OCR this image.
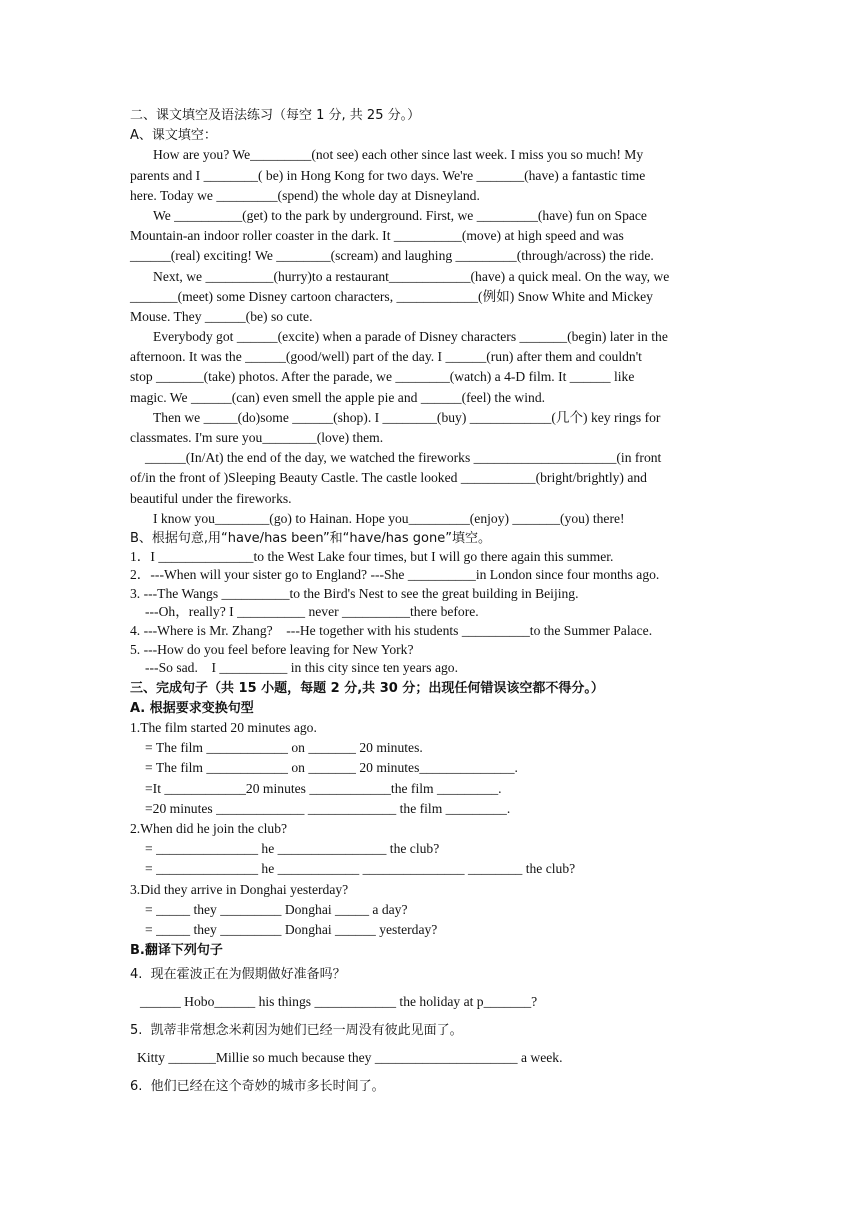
二、课文填空及语法练习（每空 1 分, 共 25 分。）
A、课文填空：
How are you? We_________(not see) each other since last week. I miss you so much! My
parents and I ________( be) in Hong Kong for two days. We're _______(have) a fantastic time
here. Today we _________(spend) the whole day at Disneyland.
We __________(get) to the park by underground. First, we _________(have) fun on Space
Mountain-an indoor roller coaster in the dark. It __________(move) at high speed and was
______(real) exciting! We ________(scream) and laughing _________(through/across) the ride.
Next, we __________(hurry)to a restaurant____________(have) a quick meal. On the way, we
_______(meet) some Disney cartoon characters, ____________(例如) Snow White and Mickey
Mouse. They ______(be) so cute.
Everybody got ______(excite) when a parade of Disney characters _______(begin) later in the
afternoon. It was the ______(good/well) part of the day. I ______(run) after them and couldn't
stop _______(take) photos. After the parade, we ________(watch) a 4-D film. It ______ like
magic. We ______(can) even smell the apple pie and ______(feel) the wind.
Then we _____(do)some ______(shop). I ________(buy) ____________(几个) key rings for
classmates. I'm sure you________(love) them.
______(In/At) the end of the day, we watched the fireworks _____________________(in front
of/in the front of )Sleeping Beauty Castle. The castle looked ___________(bright/brightly) and
beautiful under the fireworks.
I know you________(go) to Hainan. Hope you_________(enjoy) _______(you) there!
B、根据句意,用“have/has been”和“have/has gone”填空。
1．I ______________to the West Lake four times, but I will go there again this summer.
2．---When will your sister go to England? ---She __________in London since four months ago.
3. ---The Wangs __________to the Bird's Nest to see the great building in Beijing.
---Oh，really? I __________ never __________there before.
4. ---Where is Mr. Zhang?    ---He together with his students __________to the Summer Palace.
5. ---How do you feel before leaving for New York?
---So sad.    I __________ in this city since ten years ago.
三、完成句子（共 15 小题，每题 2 分,共 30 分；出现任何错误该空都不得分。）
A. 根据要求变换句型
1.The film started 20 minutes ago.
= The film ____________ on _______ 20 minutes.
= The film ____________ on _______ 20 minutes______________.
=It ____________20 minutes ____________the film _________.
=20 minutes _____________ _____________ the film _________.
2.When did he join the club?
= _______________ he ________________ the club?
= _______________ he ____________ _______________ ________ the club?
3.Did they arrive in Donghai yesterday?
= _____ they _________ Donghai _____ a day?
= _____ they _________ Donghai ______ yesterday?
B.翻译下列句子
4.  现在霍波正在为假期做好准备吗？
______ Hobo______ his things ____________ the holiday at p_______?
5.  凯蒂非常想念米莉因为她们已经一周没有彼此见面了。
Kitty _______Millie so much because they _____________________ a week.
6.  他们已经在这个奇妙的城市多长时间了。
